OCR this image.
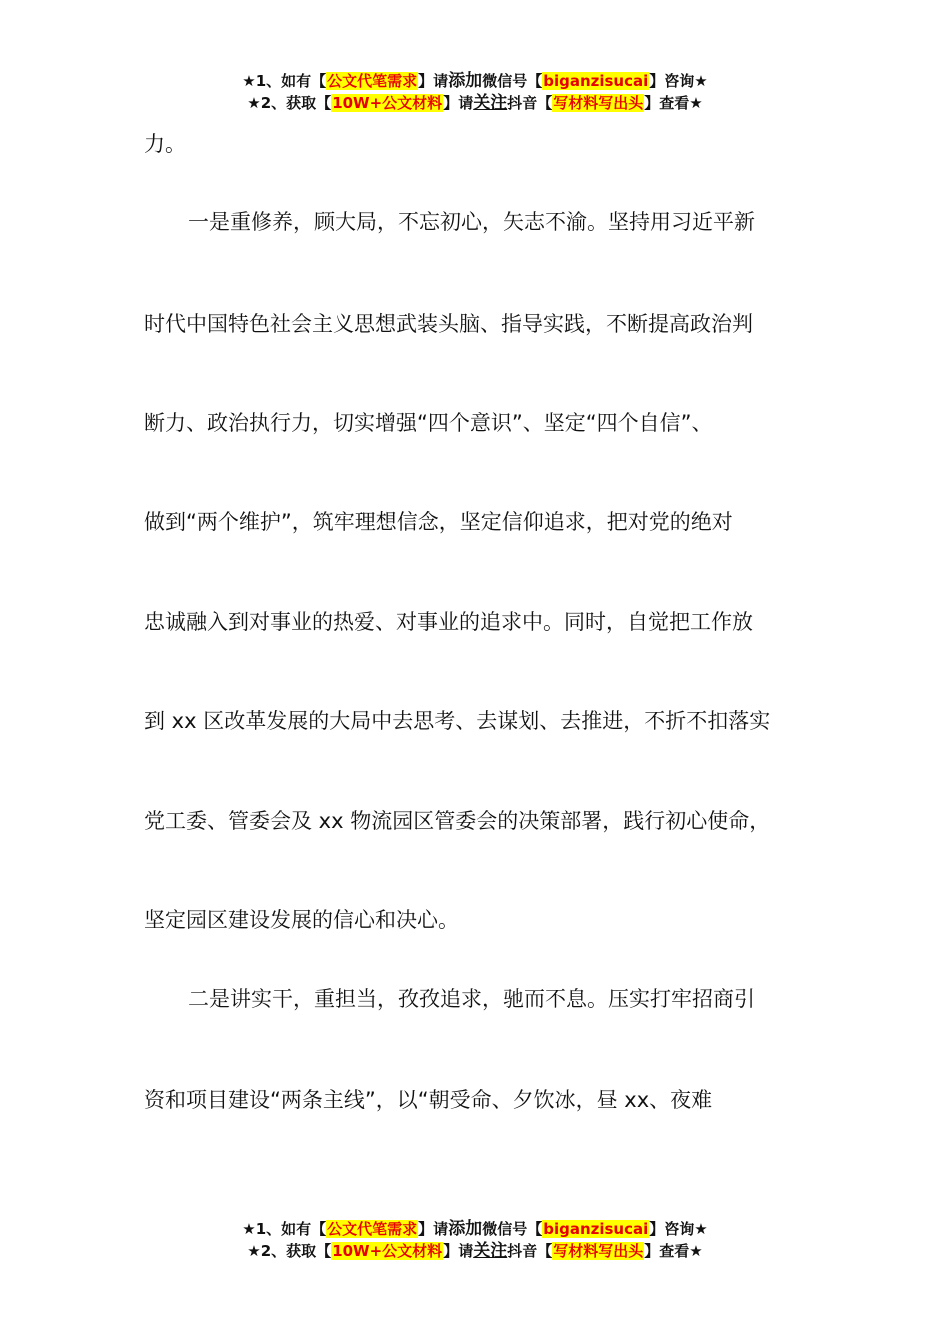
★1、如有【公文代笔需求】请添加微信号【biganzisucai】咨询★
★2、获取【10W+公文材料】请关注抖音【写材料写出头】查看★
力。
一是重修养，顾大局，不忘初心，矢志不渝。坚持用习近平新
时代中国特色社会主义思想武装头脑、指导实践，不断提高政治判
断力、政治执行力，切实增强“四个意识”、坚定“四个自信”、
做到“两个维护”，筑牢理想信念，坚定信仰追求，把对党的绝对
忠诚融入到对事业的热爱、对事业的追求中。同时，自觉把工作放
到 xx 区改革发展的大局中去思考、去谋划、去推进，不折不扣落实
党工委、管委会及 xx 物流园区管委会的决策部署，践行初心使命，
坚定园区建设发展的信心和决心。
二是讲实干，重担当，孜孜追求，驰而不息。压实打牢招商引
资和项目建设“两条主线”，以“朝受命、夕饮冰，昼 xx、夜难
★1、如有【公文代笔需求】请添加微信号【biganzisucai】咨询★
★2、获取【10W+公文材料】请关注抖音【写材料写出头】查看★
